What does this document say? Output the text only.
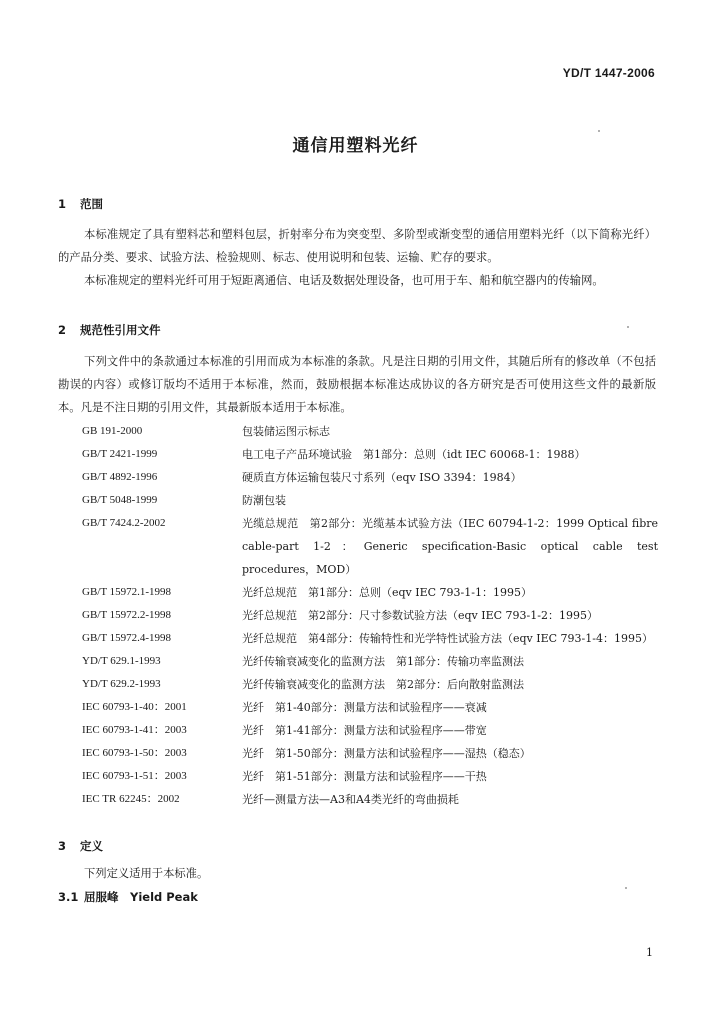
YD/T 1447-2006
通信用塑料光纤
1 范围
本标准规定了具有塑料芯和塑料包层，折射率分布为突变型、多阶型或渐变型的通信用塑料光纤（以下简称光纤）的产品分类、要求、试验方法、检验规则、标志、使用说明和包装、运输、贮存的要求。
本标准规定的塑料光纤可用于短距离通信、电话及数据处理设备，也可用于车、船和航空器内的传输网。
2 规范性引用文件
下列文件中的条款通过本标准的引用而成为本标准的条款。凡是注日期的引用文件，其随后所有的修改单（不包括勘误的内容）或修订版均不适用于本标准，然而，鼓励根据本标准达成协议的各方研究是否可使用这些文件的最新版本。凡是不注日期的引用文件，其最新版本适用于本标准。
GB 191-2000	包装储运图示标志
GB/T 2421-1999	电工电子产品环境试验　第1部分：总则（idt IEC 60068-1：1988）
GB/T 4892-1996	硬质直方体运输包装尺寸系列（eqv ISO 3394：1984）
GB/T 5048-1999	防潮包装
GB/T 7424.2-2002	光缆总规范　第2部分：光缆基本试验方法（IEC 60794-1-2：1999 Optical fibre cable-part 1-2：Generic specification-Basic optical cable test procedures，MOD）
GB/T 15972.1-1998	光纤总规范　第1部分：总则（eqv IEC 793-1-1：1995）
GB/T 15972.2-1998	光纤总规范　第2部分：尺寸参数试验方法（eqv IEC 793-1-2：1995）
GB/T 15972.4-1998	光纤总规范　第4部分：传输特性和光学特性试验方法（eqv IEC 793-1-4：1995）
YD/T 629.1-1993	光纤传输衰减变化的监测方法　第1部分：传输功率监测法
YD/T 629.2-1993	光纤传输衰减变化的监测方法　第2部分：后向散射监测法
IEC 60793-1-40：2001	光纤　第1-40部分：测量方法和试验程序——衰减
IEC 60793-1-41：2003	光纤　第1-41部分：测量方法和试验程序——带宽
IEC 60793-1-50：2003	光纤　第1-50部分：测量方法和试验程序——湿热（稳态）
IEC 60793-1-51：2003	光纤　第1-51部分：测量方法和试验程序——干热
IEC TR 62245：2002	光纤—测量方法—A3和A4类光纤的弯曲损耗
3 定义
下列定义适用于本标准。
3.1 屈服峰　Yield Peak
1
